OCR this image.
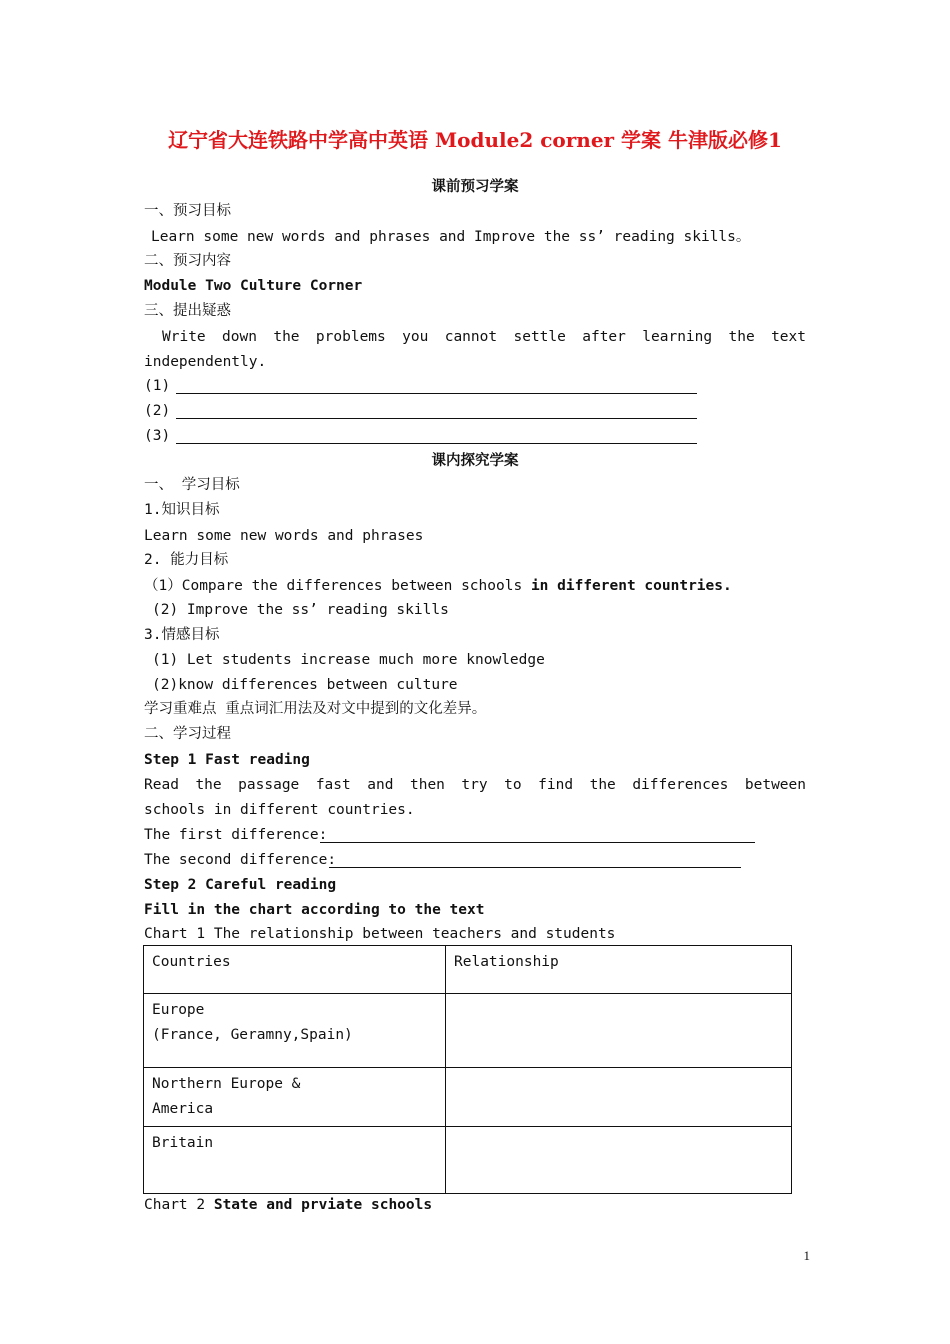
辽宁省大连铁路中学高中英语 Module2 corner 学案 牛津版必修1
课前预习学案
一、预习目标
Learn some new words and phrases and Improve the ss’ reading skills。
二、预习内容
Module Two Culture Corner
三、提出疑惑
Write down the problems you cannot settle after learning the text
independently.
(1)
(2)
(3)
课内探究学案
一、 学习目标
1.知识目标
Learn some new words and phrases
2. 能力目标
（1）Compare the differences between schools in different countries.
(2) Improve the ss’ reading skills
3.情感目标
(1) Let students increase much more knowledge
(2)know differences between culture
学习重难点 重点词汇用法及对文中提到的文化差异。
二、学习过程
Step 1 Fast reading
Read the passage fast and then try to find the differences between
schools in different countries.
The first difference:
The second difference:
Step 2 Careful reading
Fill in the chart according to the text
Chart 1 The relationship between teachers and students
Countries	Relationship

Europe
(France, Geramny,Spain)	

Northern Europe &
America	

Britain	

Chart 2 State and prviate schools
1
